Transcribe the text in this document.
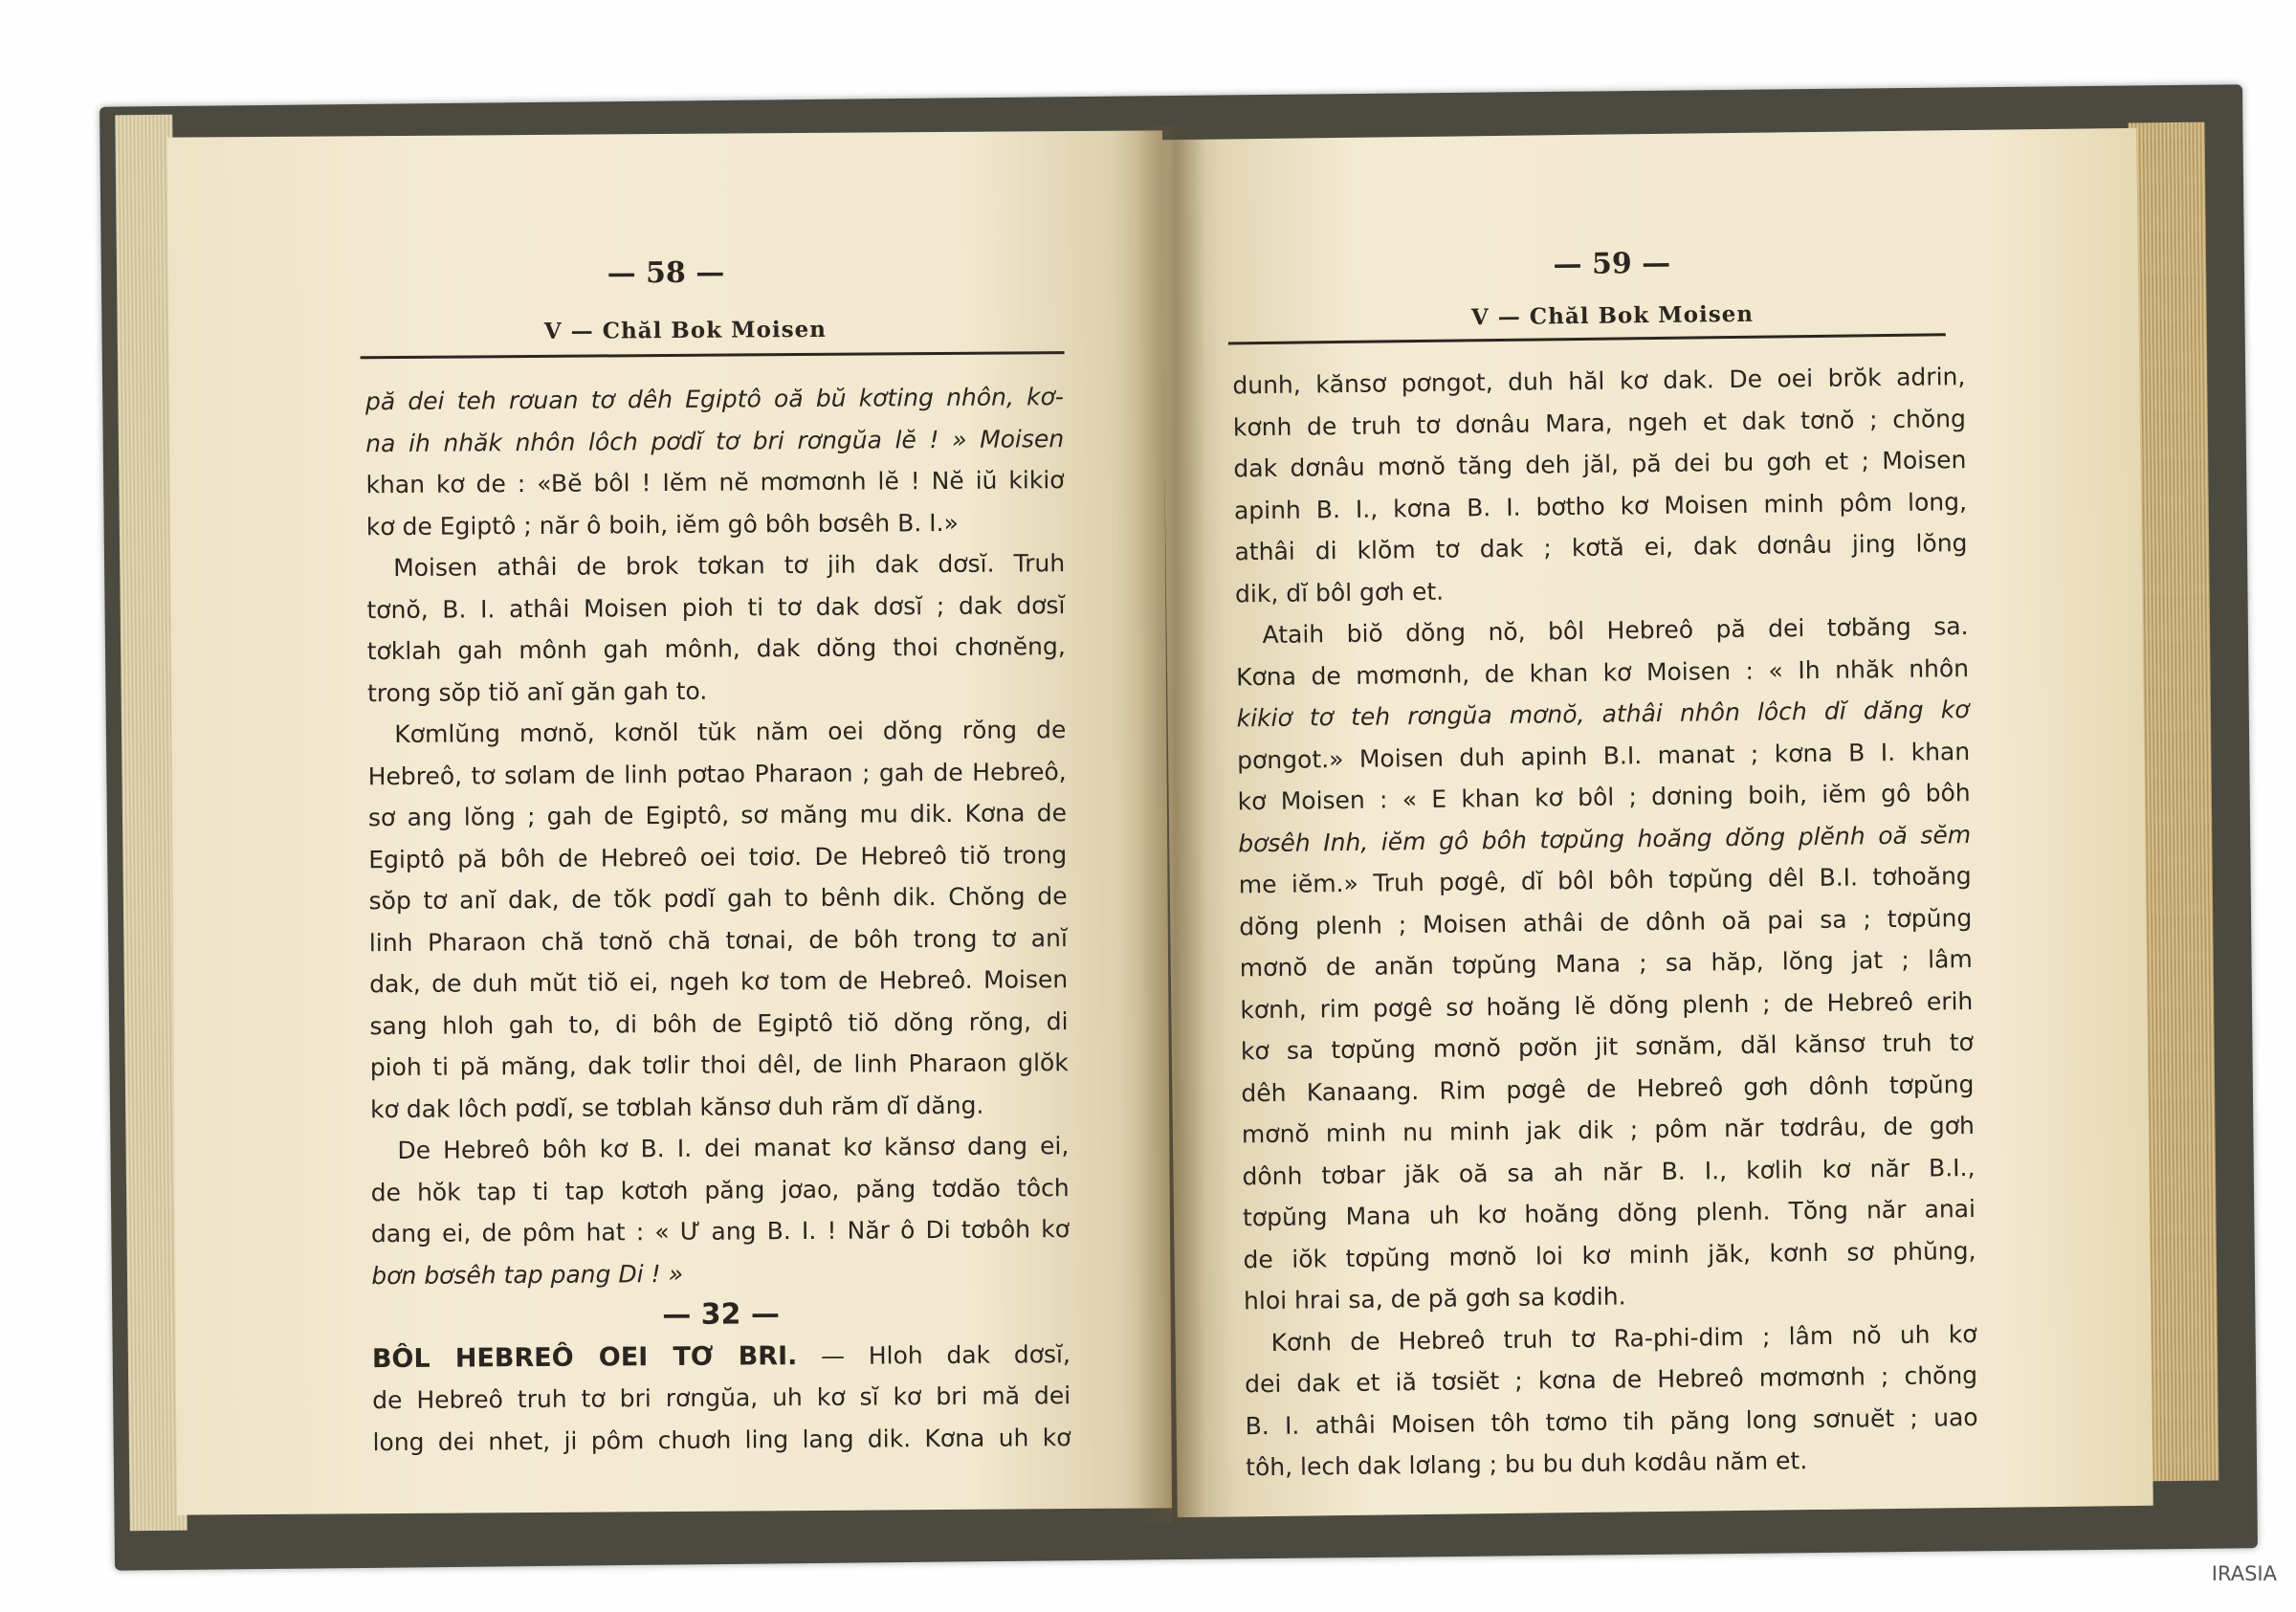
— 58 —
V — Chăl Bok Moisen
pă dei teh rơuan tơ dêh Egiptô oă bŭ kơting nhôn, kơ-
na ih nhăk nhôn lôch pơdĭ tơ bri rơngŭa lĕ ! » Moisen
khan kơ de : «Bĕ bôl ! Iĕm nĕ mơmơnh lĕ ! Nĕ iŭ kikiơ
kơ de Egiptô ; năr ô boih, iĕm gô bôh bơsêh B. I.»
Moisen athâi de brok tơkan tơ jih dak dơsĭ. Truh
tơnŏ, B. I. athâi Moisen pioh ti tơ dak dơsĭ ; dak dơsĭ
tơklah gah mônh gah mônh, dak dŏng thoi chơnĕng,
trong sŏp tiŏ anĭ găn gah to.
Kơmlŭng mơnŏ, kơnŏl tŭk năm oei dŏng rŏng de
Hebreô, tơ sơlam de linh pơtao Pharaon ; gah de Hebreô,
sơ ang lŏng ; gah de Egiptô, sơ măng mu dik. Kơna de
Egiptô pă bôh de Hebreô oei tơiơ. De Hebreô tiŏ trong
sŏp tơ anĭ dak, de tŏk pơdĭ gah to bênh dik. Chŏng de
linh Pharaon chă tơnŏ chă tơnai, de bôh trong tơ anĭ
dak, de duh mŭt tiŏ ei, ngeh kơ tom de Hebreô. Moisen
sang hloh gah to, di bôh de Egiptô tiŏ dŏng rŏng, di
pioh ti pă măng, dak tơlir thoi dêl, de linh Pharaon glŏk
kơ dak lôch pơdĭ, se tơblah kănsơ duh răm dĭ dăng.
De Hebreô bôh kơ B. I. dei manat kơ kănsơ dang ei,
de hŏk tap ti tap kơtơh păng jơao, păng tơdăo tôch
dang ei, de pôm hat : « Ư ang B. I. ! Năr ô Di tơbôh kơ
bơn bơsêh tap pang Di ! »
— 32 —
BÔL HEBREÔ OEI TƠ BRI. — Hloh dak dơsĭ,
de Hebreô truh tơ bri rơngŭa, uh kơ sĭ kơ bri mă dei
long dei nhet, ji pôm chuơh ling lang dik. Kơna uh kơ
— 59 —
V — Chăl Bok Moisen
dunh, kănsơ pơngot, duh hăl kơ dak. De oei brŏk adrin,
kơnh de truh tơ dơnâu Mara, ngeh et dak tơnŏ ; chŏng
dak dơnâu mơnŏ tăng deh jăl, pă dei bu gơh et ; Moisen
apinh B. I., kơna B. I. bơtho kơ Moisen minh pôm long,
athâi di klŏm tơ dak ; kơtă ei, dak dơnâu jing lŏng
dik, dĭ bôl gơh et.
Ataih biŏ dŏng nŏ, bôl Hebreô pă dei tơbăng sa.
Kơna de mơmơnh, de khan kơ Moisen : « Ih nhăk nhôn
kikiơ tơ teh rơngŭa mơnŏ, athâi nhôn lôch dĭ dăng kơ
pơngot.» Moisen duh apinh B.I. manat ; kơna B I. khan
kơ Moisen : « E khan kơ bôl ; dơning boih, iĕm gô bôh
bơsêh Inh, iĕm gô bôh tơpŭng hoăng dŏng plĕnh oă sĕm
me iĕm.» Truh pơgê, dĭ bôl bôh tơpŭng dêl B.I. tơhoăng
dŏng plenh ; Moisen athâi de dônh oă pai sa ; tơpŭng
mơnŏ de anăn tơpŭng Mana ; sa hăp, lŏng jat ; lâm
kơnh, rim pơgê sơ hoăng lĕ dŏng plenh ; de Hebreô erih
kơ sa tơpŭng mơnŏ pơŏn jit sơnăm, dăl kănsơ truh tơ
dêh Kanaang. Rim pơgê de Hebreô gơh dônh tơpŭng
mơnŏ minh nu minh jak dik ; pôm năr tơdrâu, de gơh
dônh tơbar jăk oă sa ah năr B. I., kơlih kơ năr B.I.,
tơpŭng Mana uh kơ hoăng dŏng plenh. Tŏng năr anai
de iŏk tơpŭng mơnŏ loi kơ minh jăk, kơnh sơ phŭng,
hloi hrai sa, de pă gơh sa kơdih.
Kơnh de Hebreô truh tơ Ra-phi-dim ; lâm nŏ uh kơ
dei dak et iă tơsiĕt ; kơna de Hebreô mơmơnh ; chŏng
B. I. athâi Moisen tôh tơmo tih păng long sơnuĕt ; uao
tôh, lech dak lơlang ; bu bu duh kơdâu năm et.
IRASIA
